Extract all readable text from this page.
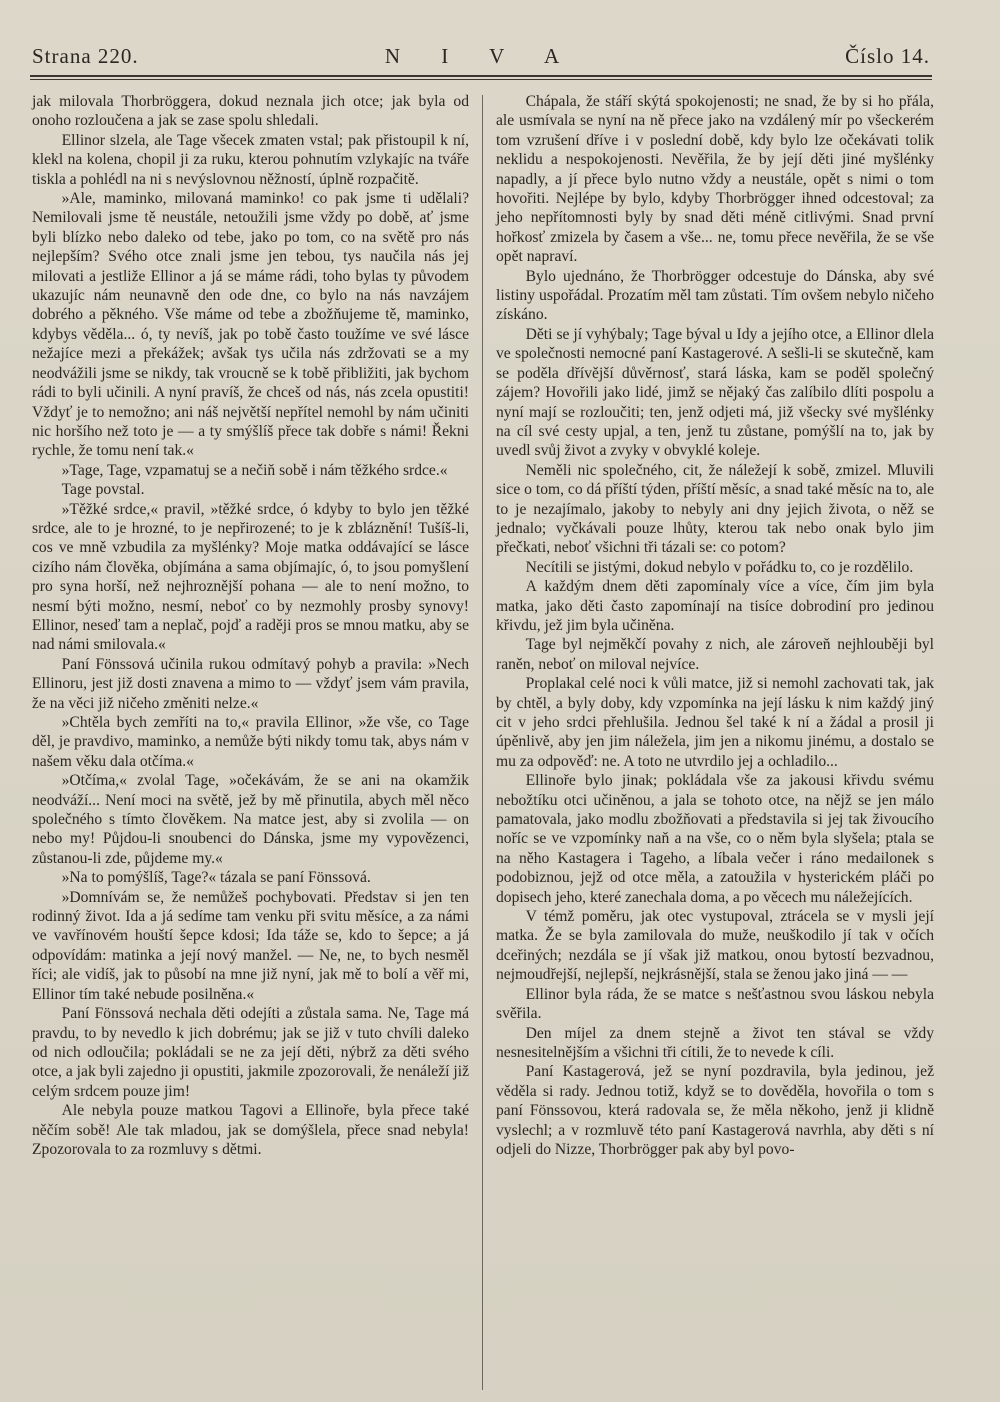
Strana 220.	N I V A	Číslo 14.

jak milovala Thorbröggera, dokud neznala jich otce; jak byla od onoho rozloučena a jak se zase spolu shledali.

Ellinor slzela, ale Tage všecek zmaten vstal; pak přistoupil k ní, klekl na kolena, chopil ji za ruku, kterou pohnutím vzlykajíc na tváře tiskla a pohlédl na ni s nevýslovnou něžností, úplně rozpačitě.

»Ale, maminko, milovaná maminko! co pak jsme ti udělali? Nemilovali jsme tě neustále, netoužili jsme vždy po době, ať jsme byli blízko nebo daleko od tebe, jako po tom, co na světě pro nás nejlepším? Svého otce znali jsme jen tebou, tys naučila nás jej milovati a jestliže Ellinor a já se máme rádi, toho bylas ty původem ukazujíc nám neunavně den ode dne, co bylo na nás navzájem dobrého a pěkného. Vše máme od tebe a zbožňujeme tě, maminko, kdybys věděla... ó, ty nevíš, jak po tobě často toužíme ve své lásce nežajíce mezi a překážek; avšak tys učila nás zdržovati se a my neodvážili jsme se nikdy, tak vroucně se k tobě přibližiti, jak bychom rádi to byli učinili. A nyní pravíš, že chceš od nás, nás zcela opustiti! Vždyť je to nemožno; ani náš největší nepřítel nemohl by nám učiniti nic horšího než toto je — a ty smýšlíš přece tak dobře s námi! Řekni rychle, že tomu není tak.«

»Tage, Tage, vzpamatuj se a nečiň sobě i nám těžkého srdce.«

Tage povstal.

»Těžké srdce,« pravil, »těžké srdce, ó kdyby to bylo jen těžké srdce, ale to je hrozné, to je nepřirozené; to je k zbláznění! Tušíš-li, cos ve mně vzbudila za myšlénky? Moje matka oddávající se lásce cizího nám člověka, objímána a sama objímajíc, ó, to jsou pomyšlení pro syna horší, než nejhroznější pohana — ale to není možno, to nesmí býti možno, nesmí, neboť co by nezmohly prosby synovy! Ellinor, neseď tam a neplač, pojď a raději pros se mnou matku, aby se nad námi smilovala.«

Paní Fönssová učinila rukou odmítavý pohyb a pravila: »Nech Ellinoru, jest již dosti znavena a mimo to — vždyť jsem vám pravila, že na věci již ničeho změniti nelze.«

»Chtěla bych zemříti na to,« pravila Ellinor, »že vše, co Tage děl, je pravdivo, maminko, a nemůže býti nikdy tomu tak, abys nám v našem věku dala otčíma.«

»Otčíma,« zvolal Tage, »očekávám, že se ani na okamžik neodváží... Není moci na světě, jež by mě přinutila, abych měl něco společného s tímto člověkem. Na matce jest, aby si zvolila — on nebo my! Půjdou-li snoubenci do Dánska, jsme my vypovězenci, zůstanou-li zde, půjdeme my.«

»Na to pomýšlíš, Tage?« tázala se paní Fönssová.

»Domnívám se, že nemůžeš pochybovati. Představ si jen ten rodinný život. Ida a já sedíme tam venku při svitu měsíce, a za námi ve vavřínovém houští šepce kdosi; Ida táže se, kdo to šepce; a já odpovídám: matinka a její nový manžel. — Ne, ne, to bych nesměl říci; ale vidíš, jak to působí na mne již nyní, jak mě to bolí a věř mi, Ellinor tím také nebude posilněna.«

Paní Fönssová nechala děti odejíti a zůstala sama. Ne, Tage má pravdu, to by nevedlo k jich dobrému; jak se již v tuto chvíli daleko od nich odloučila; pokládali se ne za její děti, nýbrž za děti svého otce, a jak byli zajedno ji opustiti, jakmile zpozorovali, že nenáleží již celým srdcem pouze jim!

Ale nebyla pouze matkou Tagovi a Ellinoře, byla přece také něčím sobě! Ale tak mladou, jak se domýšlela, přece snad nebyla! Zpozorovala to za rozmluvy s dětmi.

Chápala, že stáří skýtá spokojenosti; ne snad, že by si ho přála, ale usmívala se nyní na ně přece jako na vzdálený mír po všeckerém tom vzrušení dříve i v poslední době, kdy bylo lze očekávati tolik neklidu a nespokojenosti. Nevěřila, že by její děti jiné myšlénky napadly, a jí přece bylo nutno vždy a neustále, opět s nimi o tom hovořiti. Nejlépe by bylo, kdyby Thorbrögger ihned odcestoval; za jeho nepřítomnosti byly by snad děti méně citlivými. Snad první hořkosť zmizela by časem a vše... ne, tomu přece nevěřila, že se vše opět napraví.

Bylo ujednáno, že Thorbrögger odcestuje do Dánska, aby své listiny uspořádal. Prozatím měl tam zůstati. Tím ovšem nebylo ničeho získáno.

Děti se jí vyhýbaly; Tage býval u Idy a jejího otce, a Ellinor dlela ve společnosti nemocné paní Kastagerové. A sešli-li se skutečně, kam se poděla dřívější důvěrnosť, stará láska, kam se poděl společný zájem? Hovořili jako lidé, jimž se nějaký čas zalíbilo dlíti pospolu a nyní mají se rozloučiti; ten, jenž odjeti má, již všecky své myšlénky na cíl své cesty upjal, a ten, jenž tu zůstane, pomýšlí na to, jak by uvedl svůj život a zvyky v obvyklé koleje.

Neměli nic společného, cit, že náležejí k sobě, zmizel. Mluvili sice o tom, co dá příští týden, příští měsíc, a snad také měsíc na to, ale to je nezajímalo, jakoby to nebyly ani dny jejich života, o něž se jednalo; vyčkávali pouze lhůty, kterou tak nebo onak bylo jim přečkati, neboť všichni tři tázali se: co potom?

Necítili se jistými, dokud nebylo v pořádku to, co je rozdělilo.

A každým dnem děti zapomínaly více a více, čím jim byla matka, jako děti často zapomínají na tisíce dobrodiní pro jedinou křivdu, jež jim byla učiněna.

Tage byl nejměkčí povahy z nich, ale zároveň nejhlouběji byl raněn, neboť on miloval nejvíce.

Proplakal celé noci k vůli matce, již si nemohl zachovati tak, jak by chtěl, a byly doby, kdy vzpomínka na její lásku k nim každý jiný cit v jeho srdci přehlušila. Jednou šel také k ní a žádal a prosil ji úpěnlivě, aby jen jim náležela, jim jen a nikomu jinému, a dostalo se mu za odpověď: ne. A toto ne utvrdilo jej a ochladilo...

Ellinoře bylo jinak; pokládala vše za jakousi křivdu svému nebožtíku otci učiněnou, a jala se tohoto otce, na nějž se jen málo pamatovala, jako modlu zbožňovati a představila si jej tak živoucího noříc se ve vzpomínky naň a na vše, co o něm byla slyšela; ptala se na něho Kastagera i Tageho, a líbala večer i ráno medailonek s podobiznou, jejž od otce měla, a zatoužila v hysterickém pláči po dopisech jeho, které zanechala doma, a po věcech mu náležejících.

V témž poměru, jak otec vystupoval, ztrácela se v mysli její matka. Že se byla zamilovala do muže, neuškodilo jí tak v očích dceřiných; nezdála se jí však již matkou, onou bytostí bezvadnou, nejmoudřejší, nejlepší, nejkrásnější, stala se ženou jako jiná — —

Ellinor byla ráda, že se matce s nešťastnou svou láskou nebyla svěřila.

Den míjel za dnem stejně a život ten stával se vždy nesnesitelnějším a všichni tři cítili, že to nevede k cíli.

Paní Kastagerová, jež se nyní pozdravila, byla jedinou, jež věděla si rady. Jednou totiž, když se to dověděla, hovořila o tom s paní Fönssovou, která radovala se, že měla někoho, jenž ji klidně vyslechl; a v rozmluvě této paní Kastagerová navrhla, aby děti s ní odjeli do Nizze, Thorbrögger pak aby byl povo-
